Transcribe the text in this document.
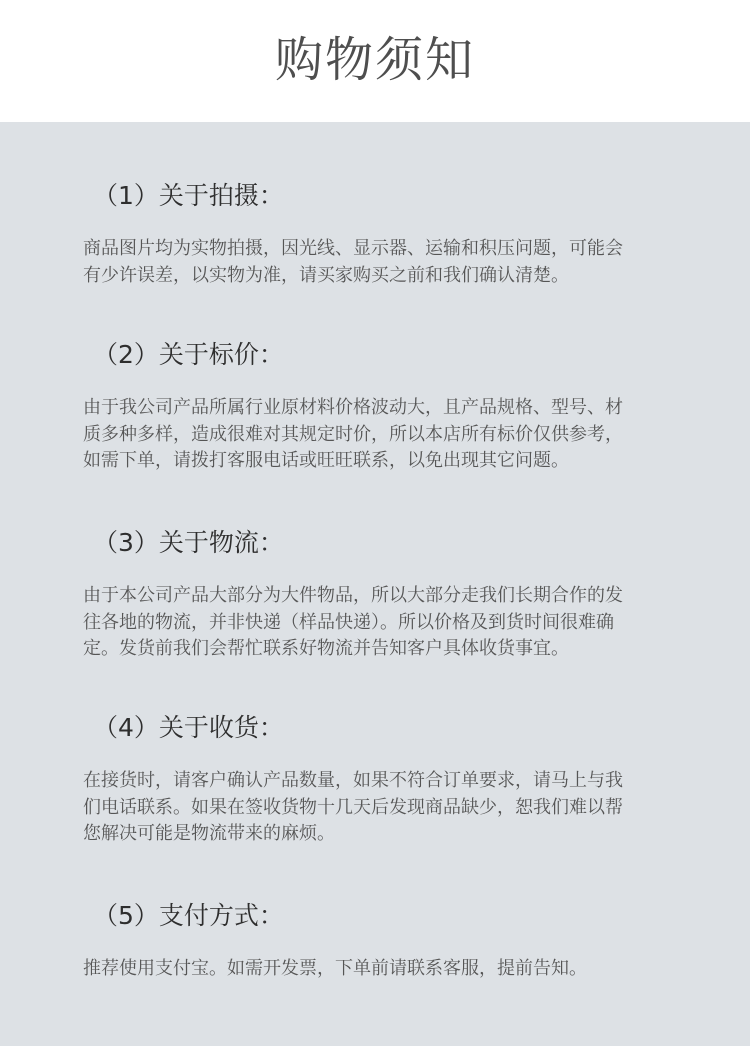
购物须知
（1）关于拍摄：
商品图片均为实物拍摄，因光线、显示器、运输和积压问题，可能会
有少许误差，以实物为准，请买家购买之前和我们确认清楚。
（2）关于标价：
由于我公司产品所属行业原材料价格波动大，且产品规格、型号、材
质多种多样，造成很难对其规定时价，所以本店所有标价仅供参考，
如需下单，请拨打客服电话或旺旺联系，以免出现其它问题。
（3）关于物流：
由于本公司产品大部分为大件物品，所以大部分走我们长期合作的发
往各地的物流，并非快递（样品快递）。所以价格及到货时间很难确
定。发货前我们会帮忙联系好物流并告知客户具体收货事宜。
（4）关于收货：
在接货时，请客户确认产品数量，如果不符合订单要求，请马上与我
们电话联系。如果在签收货物十几天后发现商品缺少，恕我们难以帮
您解决可能是物流带来的麻烦。
（5）支付方式：
推荐使用支付宝。如需开发票，下单前请联系客服，提前告知。
